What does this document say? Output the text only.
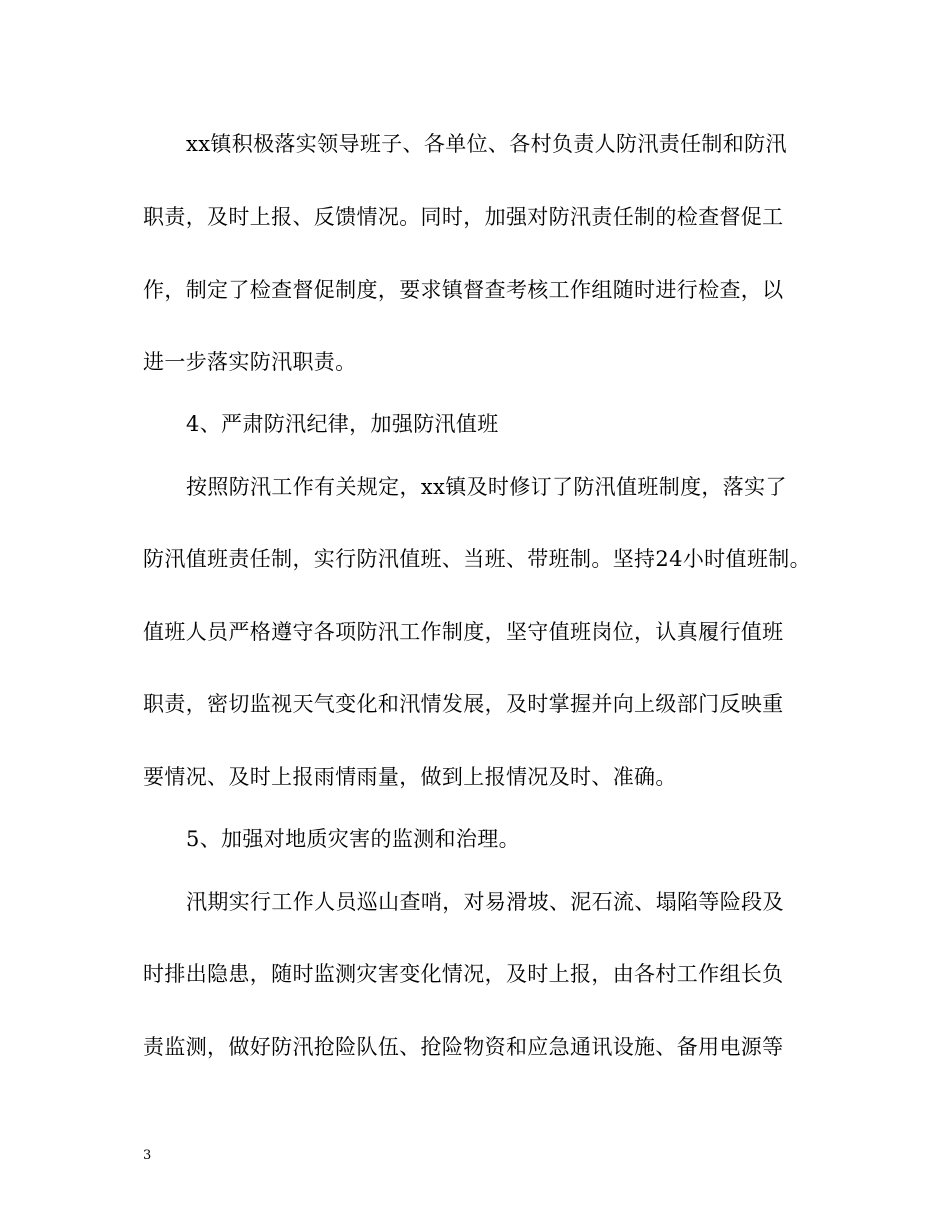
xx镇积极落实领导班子、各单位、各村负责人防汛责任制和防汛
职责，及时上报、反馈情况。同时，加强对防汛责任制的检查督促工
作，制定了检查督促制度，要求镇督查考核工作组随时进行检查，以
进一步落实防汛职责。
4、严肃防汛纪律，加强防汛值班
按照防汛工作有关规定，xx镇及时修订了防汛值班制度，落实了
防汛值班责任制，实行防汛值班、当班、带班制。坚持24小时值班制。
值班人员严格遵守各项防汛工作制度，坚守值班岗位，认真履行值班
职责，密切监视天气变化和汛情发展，及时掌握并向上级部门反映重
要情况、及时上报雨情雨量，做到上报情况及时、准确。
5、加强对地质灾害的监测和治理。
汛期实行工作人员巡山查哨，对易滑坡、泥石流、塌陷等险段及
时排出隐患，随时监测灾害变化情况，及时上报，由各村工作组长负
责监测，做好防汛抢险队伍、抢险物资和应急通讯设施、备用电源等
3
